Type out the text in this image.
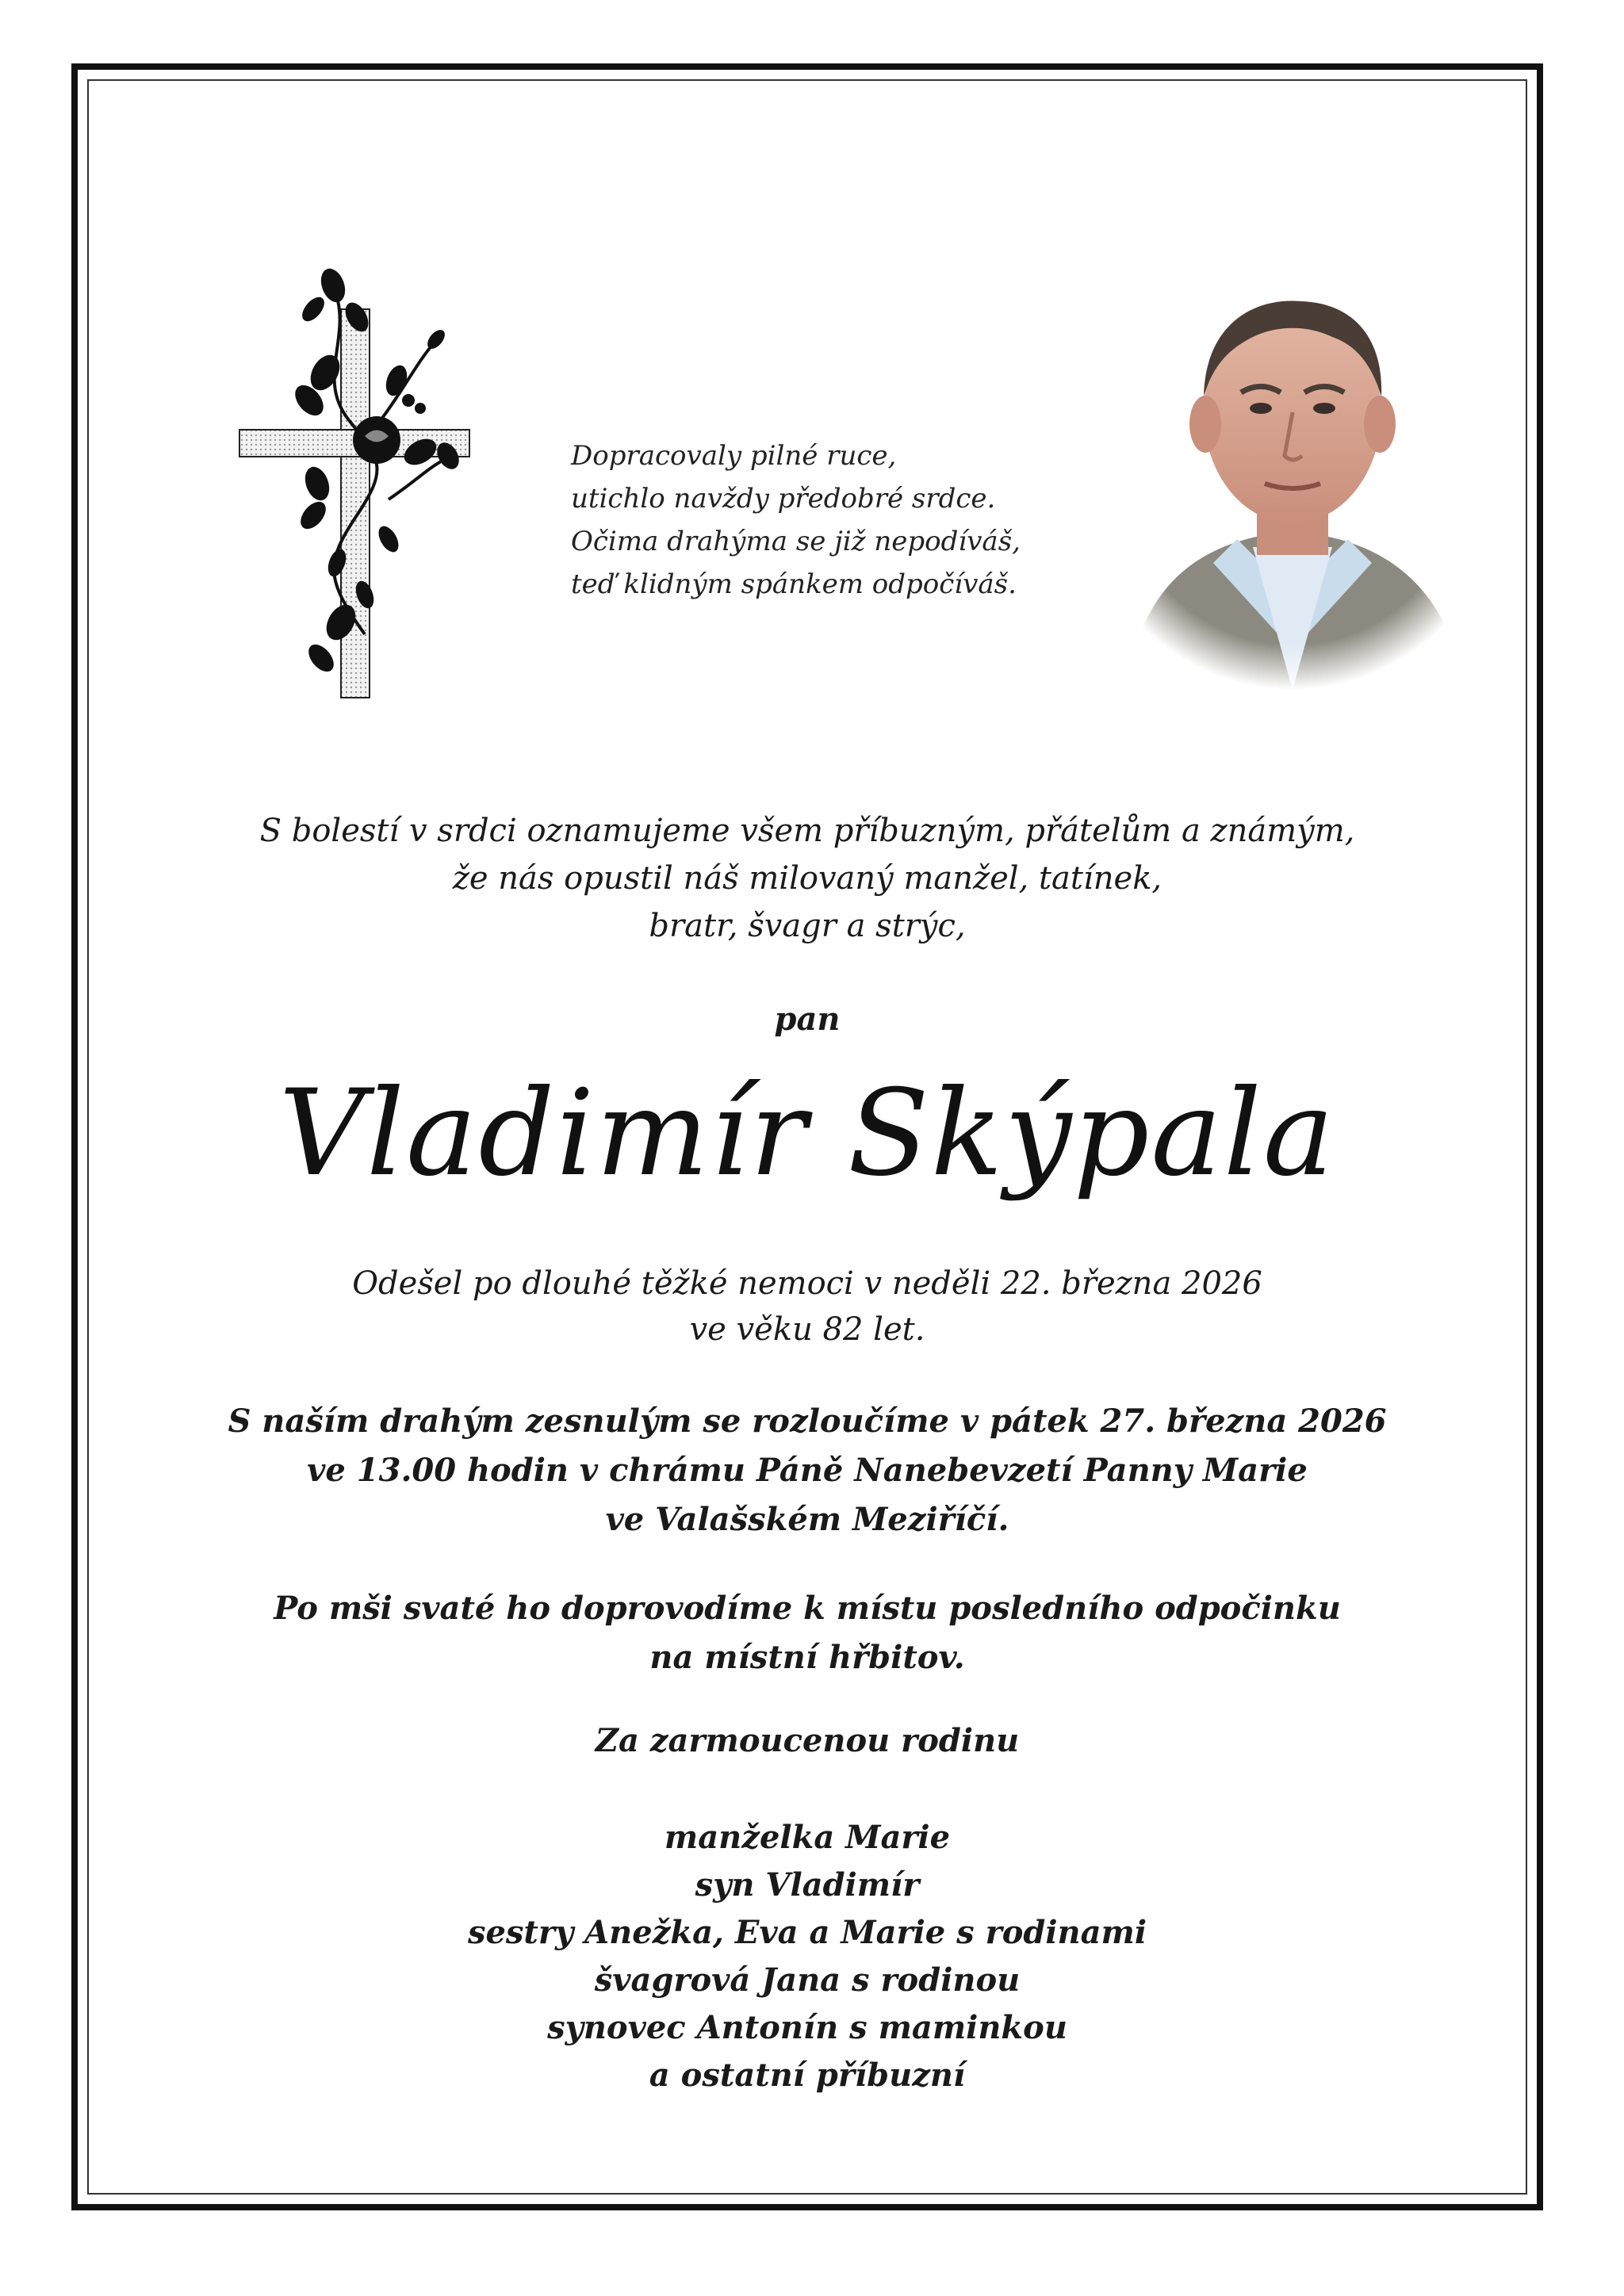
Dopracovaly pilné ruce,
utichlo navždy předobré srdce.
Očima drahýma se již nepodíváš,
teď klidným spánkem odpočíváš.
S bolestí v srdci oznamujeme všem příbuzným, přátelům a známým,
že nás opustil náš milovaný manžel, tatínek,
bratr, švagr a strýc,
pan
Vladimír Skýpala
Odešel po dlouhé těžké nemoci v neděli 22. března 2026
ve věku 82 let.
S naším drahým zesnulým se rozloučíme v pátek 27. března 2026
ve 13.00 hodin v chrámu Páně Nanebevzetí Panny Marie
ve Valašském Meziříčí.
Po mši svaté ho doprovodíme k místu posledního odpočinku
na místní hřbitov.
Za zarmoucenou rodinu
manželka Marie
syn Vladimír
sestry Anežka, Eva a Marie s rodinami
švagrová Jana s rodinou
synovec Antonín s maminkou
a ostatní příbuzní
